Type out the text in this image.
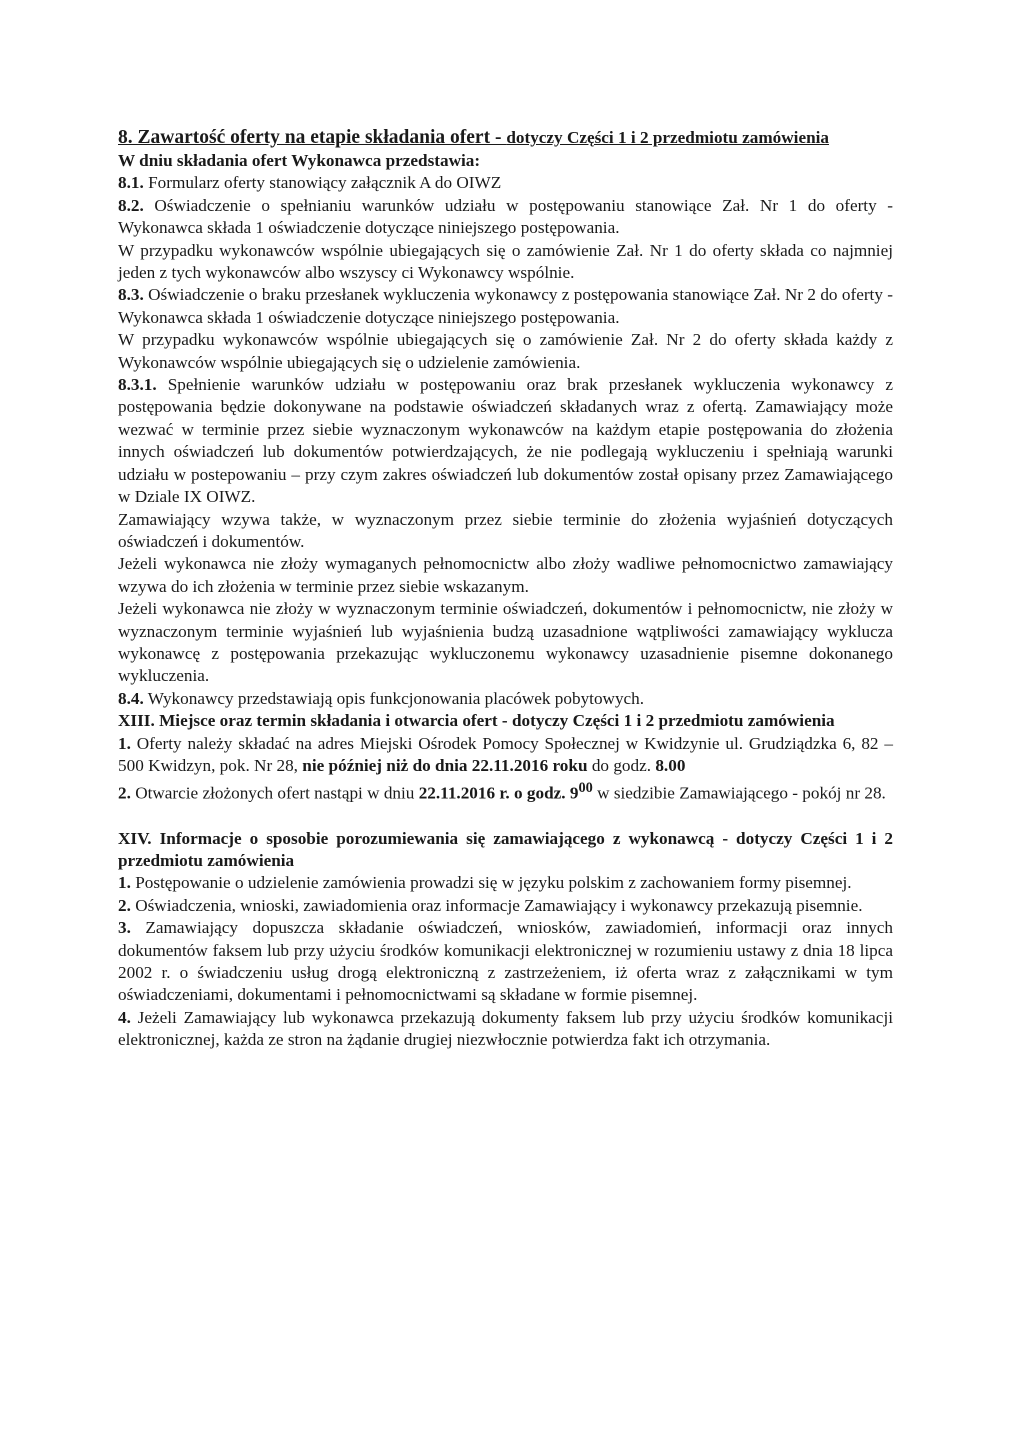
8. Zawartość oferty na etapie składania ofert - dotyczy Części 1 i 2 przedmiotu zamówienia

W dniu składania ofert Wykonawca przedstawia:

8.1. Formularz oferty stanowiący załącznik A do OIWZ

8.2. Oświadczenie o spełnianiu warunków udziału w postępowaniu stanowiące Zał. Nr 1 do oferty - Wykonawca składa 1 oświadczenie dotyczące niniejszego postępowania.

W przypadku wykonawców wspólnie ubiegających się o zamówienie Zał. Nr 1 do oferty składa co najmniej jeden z tych wykonawców albo wszyscy ci Wykonawcy wspólnie.

8.3. Oświadczenie o braku przesłanek wykluczenia wykonawcy z postępowania stanowiące Zał. Nr 2 do oferty - Wykonawca składa 1 oświadczenie dotyczące niniejszego postępowania.

W przypadku wykonawców wspólnie ubiegających się o zamówienie Zał. Nr 2 do oferty składa każdy z Wykonawców wspólnie ubiegających się o udzielenie zamówienia.

8.3.1. Spełnienie warunków udziału w postępowaniu oraz brak przesłanek wykluczenia wykonawcy z postępowania będzie dokonywane na podstawie oświadczeń składanych wraz z ofertą. Zamawiający może wezwać w terminie przez siebie wyznaczonym wykonawców na każdym etapie postępowania do złożenia innych oświadczeń lub dokumentów potwierdzających, że nie podlegają wykluczeniu i spełniają warunki udziału w postepowaniu – przy czym zakres oświadczeń lub dokumentów został opisany przez Zamawiającego w Dziale IX OIWZ.

Zamawiający wzywa także, w wyznaczonym przez siebie terminie do złożenia wyjaśnień dotyczących oświadczeń i dokumentów.

Jeżeli wykonawca nie złoży wymaganych pełnomocnictw albo złoży wadliwe pełnomocnictwo zamawiający wzywa do ich złożenia w terminie przez siebie wskazanym.

Jeżeli wykonawca nie złoży w wyznaczonym terminie oświadczeń, dokumentów i pełnomocnictw, nie złoży w wyznaczonym terminie wyjaśnień lub wyjaśnienia budzą uzasadnione wątpliwości zamawiający wyklucza wykonawcę z postępowania przekazując wykluczonemu wykonawcy uzasadnienie pisemne dokonanego wykluczenia.

8.4. Wykonawcy przedstawiają opis funkcjonowania placówek pobytowych.

XIII. Miejsce oraz termin składania i otwarcia ofert - dotyczy Części 1 i 2 przedmiotu zamówienia

1. Oferty należy składać na adres Miejski Ośrodek Pomocy Społecznej w Kwidzynie ul. Grudziądzka 6, 82 – 500 Kwidzyn, pok. Nr 28, nie później niż do dnia 22.11.2016 roku do godz. 8.00

2. Otwarcie złożonych ofert nastąpi w dniu 22.11.2016 r. o godz. $9^{00}$ w siedzibie Zamawiającego - pokój nr 28.

XIV. Informacje o sposobie porozumiewania się zamawiającego z wykonawcą - dotyczy Części 1 i 2 przedmiotu zamówienia

1. Postępowanie o udzielenie zamówienia prowadzi się w języku polskim z zachowaniem formy pisemnej.

2. Oświadczenia, wnioski, zawiadomienia oraz informacje Zamawiający i wykonawcy przekazują pisemnie.

3. Zamawiający dopuszcza składanie oświadczeń, wniosków, zawiadomień, informacji oraz innych dokumentów faksem lub przy użyciu środków komunikacji elektronicznej w rozumieniu ustawy z dnia 18 lipca 2002 r. o świadczeniu usług drogą elektroniczną z zastrzeżeniem, iż oferta wraz z załącznikami w tym oświadczeniami, dokumentami i pełnomocnictwami są składane w formie pisemnej.

4. Jeżeli Zamawiający lub wykonawca przekazują dokumenty faksem lub przy użyciu środków komunikacji elektronicznej, każda ze stron na żądanie drugiej niezwłocznie potwierdza fakt ich otrzymania.
